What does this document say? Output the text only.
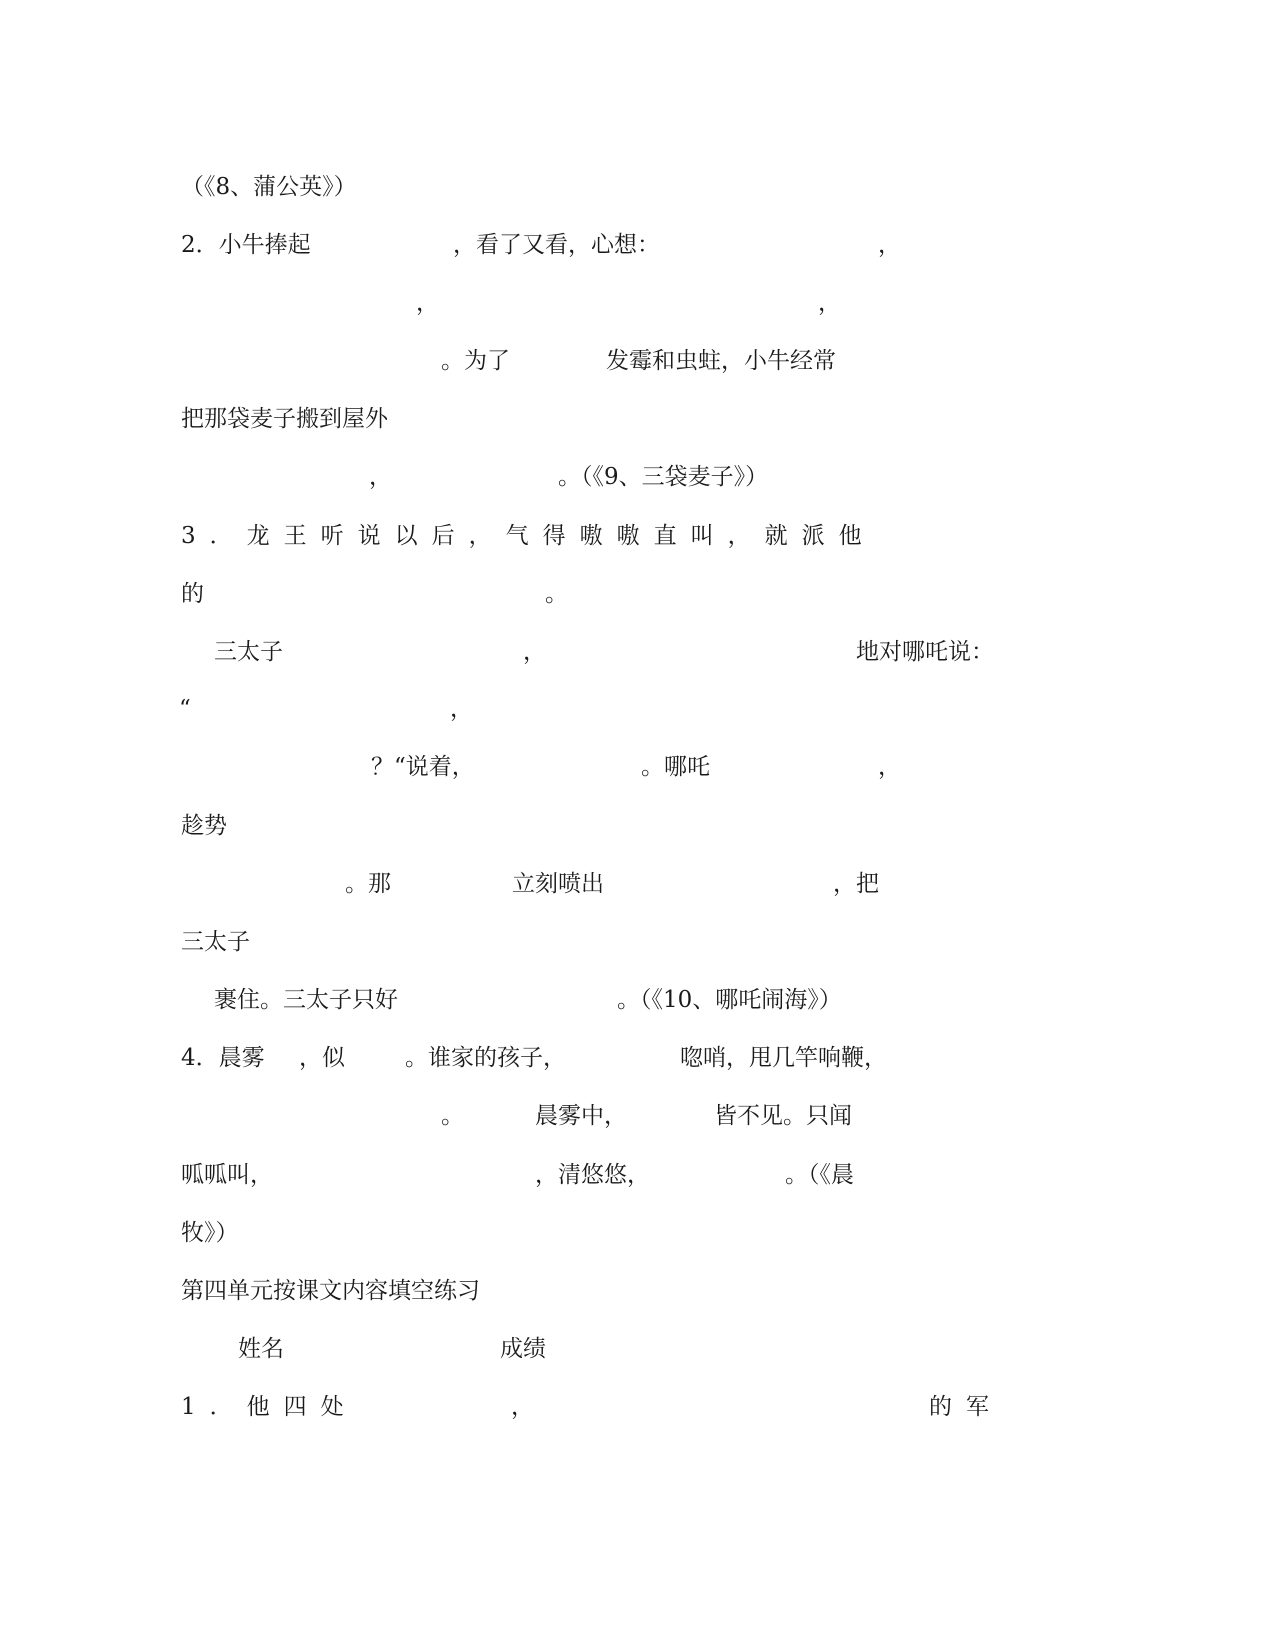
（《8、蒲公英》）
2．小牛捧起	，看了又看，心想：	，
，	，
。为了	发霉和虫蛀，小牛经常
把那袋麦子搬到屋外
，	。（《9、三袋麦子》）
3．龙王听说以后，气得嗷嗷直叫，就派他
的	。
三太子	，	地对哪吒说：
“	，
？“说着，	。哪吒	，
趁势
。那	立刻喷出	，把
三太子
裹住。三太子只好	。（《10、哪吒闹海》）
4．晨雾 ，似	。谁家的孩子，	唿哨，甩几竿响鞭，
。	晨雾中，	皆不见。只闻
呱呱叫，	，清悠悠，	。（《晨
牧》）
第四单元按课文内容填空练习
姓名	成绩
1．他四处	，	的军
